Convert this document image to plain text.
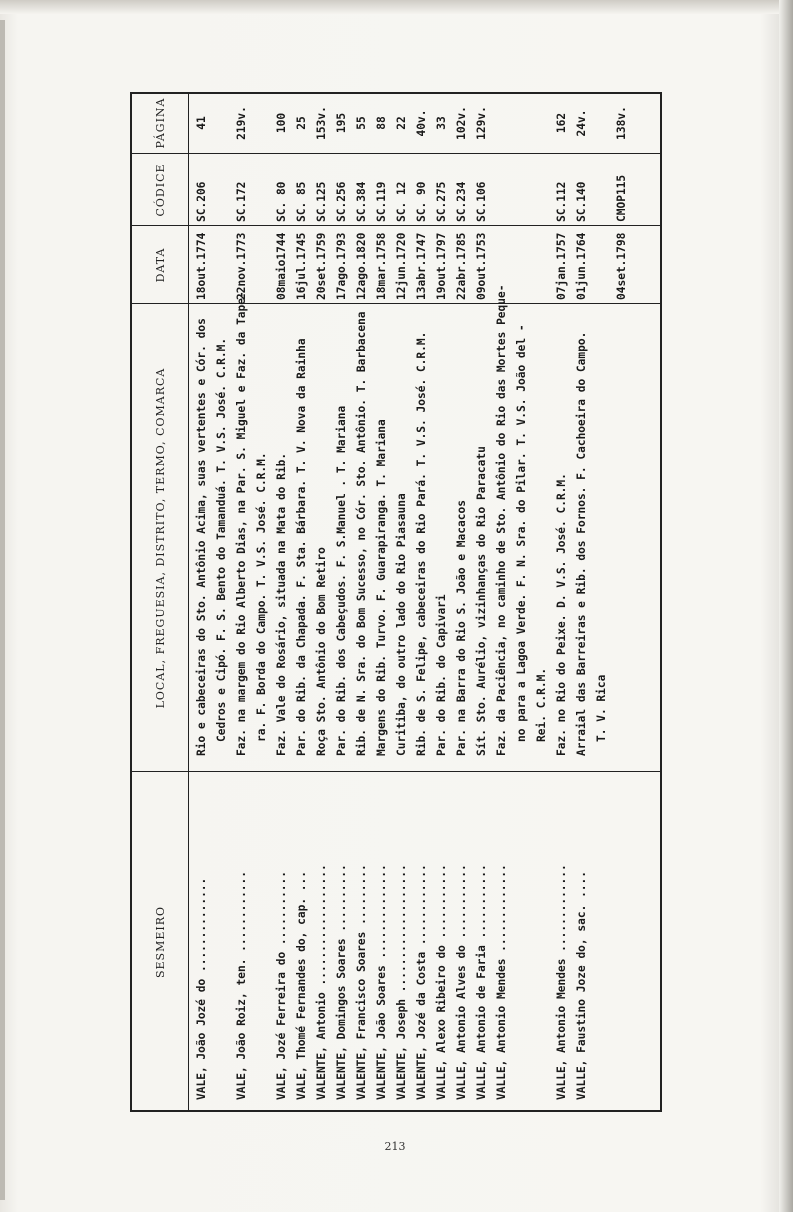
SESMEIRO
LOCAL, FREGUESIA, DISTRITO, TERMO, COMARCA
DATA
CÓDICE
PÁGINA
VALE, João Jozé do ..............
Rio e cabeceiras do Sto. Antônio Acima, suas vertentes e Cór. dos Cedros e Cipó. F. S. Bento do Tamanduá. T. V.S. José. C.R.M.
18out.1774
SC.206
41
VALE, João Roiz, ten. ............
Faz. na margem do Rio Alberto Dias, na Par. S. Miguel e Faz. da Tape- ra. F. Borda do Campo. T. V.S. José. C.R.M.
22nov.1773
SC.172
219v.
VALE, Jozé Ferreira do ...........
Faz. Vale do Rosário, situada na Mata do Rib.
08maio1744
SC. 80
100
VALE, Thomé Fernandes do, cap. ...
Par. do Rib. da Chapada. F. Sta. Bárbara. T. V. Nova da Rainha
16jul.1745
SC. 85
25
VALENTE, Antonio ..................
Roça Sto. Antônio do Bom Retiro
20set.1759
SC.125
153v.
VALENTE, Domingos Soares ..........
Par. do Rib. dos Cabeçudos. F. S.Manuel . T. Mariana
17ago.1793
SC.256
195
VALENTE, Francisco Soares .........
Rib. de N. Sra. do Bom Sucesso, no Cór. Sto. Antônio. T. Barbacena
12ago.1820
SC.384
55
VALENTE, João Soares ..............
Margens do Rib. Turvo. F. Guarapiranga. T. Mariana
18mar.1758
SC.119
88
VALENTE, Joseph ...................
Curitiba, do outro lado do Rio Piasauna
12jun.1720
SC. 12
22
VALENTE, Jozé da Costa ............
Rib. de S. Felipe, cabeceiras do Rio Pará. T. V.S. José. C.R.M.
13abr.1747
SC. 90
40v.
VALLE, Alexo Ribeiro do ...........
Par. do Rib. do Capivari
19out.1797
SC.275
33
VALLE, Antonio Alves do ...........
Par. na Barra do Rio S. João e Macacos
22abr.1785
SC.234
102v.
VALLE, Antonio de Faria ...........
Sít. Sto. Aurélio, vizinhanças do Rio Paracatu
09out.1753
SC.106
129v.
VALLE, Antonio Mendes .............
Faz. da Paciência, no caminho de Sto. Antônio do Rio das Mortes Peque- no para a Lagoa Verde. F. N. Sra. do Pilar. T. V.S. João del - Rei. C.R.M.
VALLE, Antonio Mendes .............
Faz. no Rio do Peixe. D. V.S. José. C.R.M.
07jan.1757
SC.112
162
VALLE, Faustino Joze do, sac. ....
Arraial das Barreiras e Rib. dos Fornos. F. Cachoeira do Campo. T. V. Rica
01jun.1764
SC.140
24v.
04set.1798
CMOP115
138v.
213
